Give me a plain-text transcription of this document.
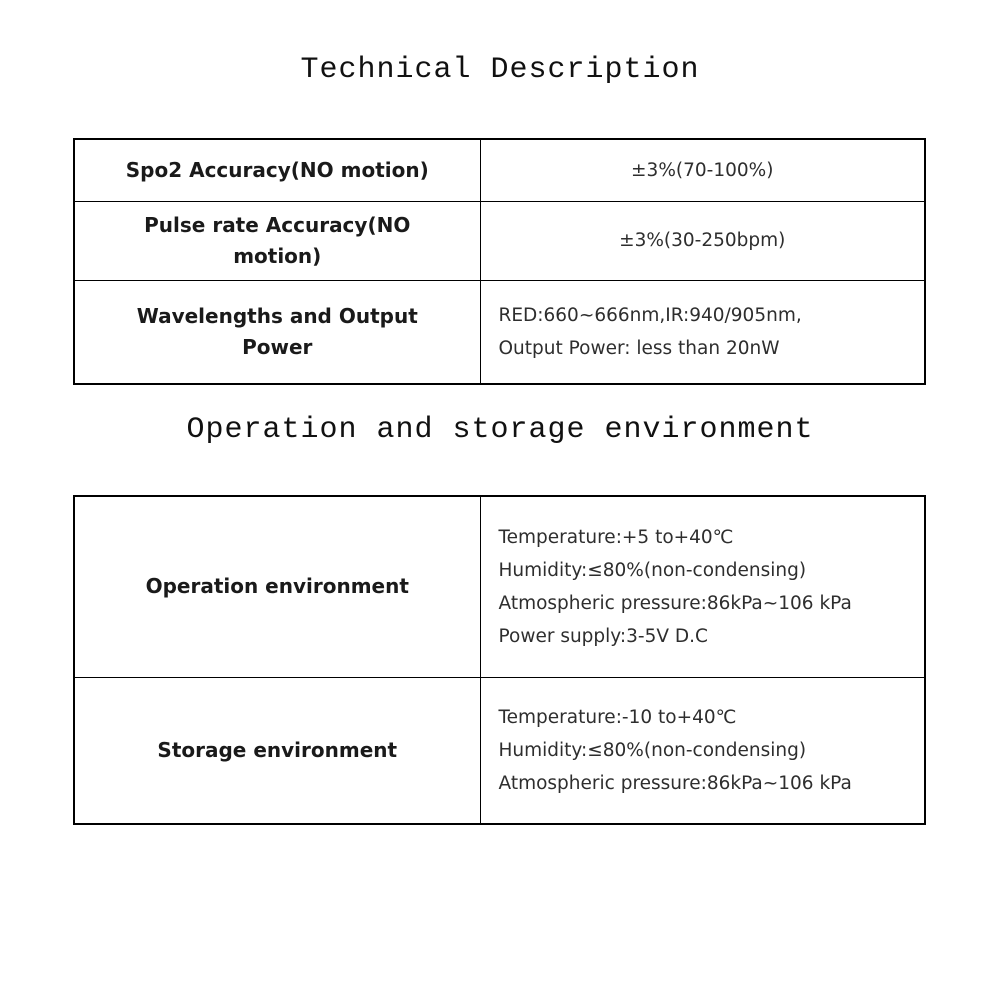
Technical Description
Spo2 Accuracy(NO motion)	±3%(70-100%)
Pulse rate Accuracy(NO motion)	±3%(30-250bpm)
Wavelengths and Output Power	RED:660~666nm,IR:940/905nm,
Output Power: less than 20nW
Operation and storage environment
Operation environment	Temperature:+5 to+40℃
Humidity:≤80%(non-condensing)
Atmospheric pressure:86kPa~106 kPa
Power supply:3-5V D.C

Storage environment	Temperature:-10 to+40℃
Humidity:≤80%(non-condensing)
Atmospheric pressure:86kPa~106 kPa
